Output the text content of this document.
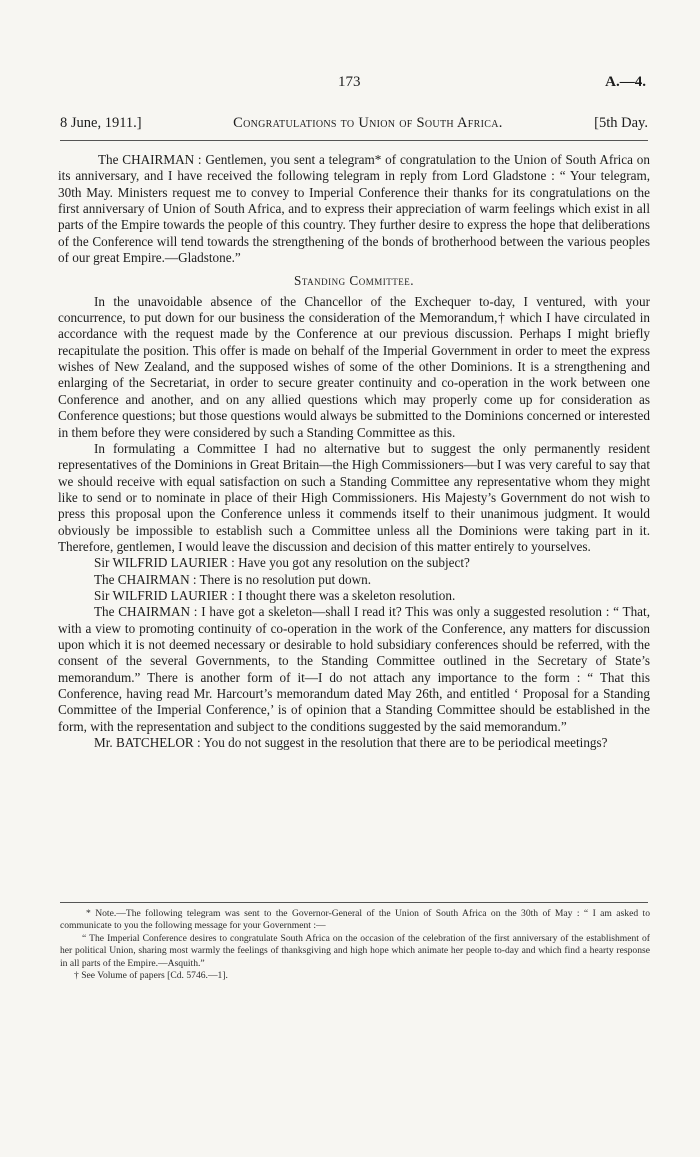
173	A.—4.
8 June, 1911.]	Congratulations to Union of South Africa.	[5th Day.

The CHAIRMAN : Gentlemen, you sent a telegram* of congratulation to the Union of South Africa on its anniversary, and I have received the following telegram in reply from Lord Gladstone : “ Your telegram, 30th May. Ministers request me to convey to Imperial Conference their thanks for its congratulations on the first anniversary of Union of South Africa, and to express their appreciation of warm feelings which exist in all parts of the Empire towards the people of this country. They further desire to express the hope that deliberations of the Conference will tend towards the strengthening of the bonds of brotherhood between the various peoples of our great Empire.—Gladstone.”

Standing Committee.

In the unavoidable absence of the Chancellor of the Exchequer to-day, I ventured, with your concurrence, to put down for our business the consideration of the Memorandum,† which I have circulated in accordance with the request made by the Conference at our previous discussion. Perhaps I might briefly recapitulate the position. This offer is made on behalf of the Imperial Government in order to meet the express wishes of New Zealand, and the supposed wishes of some of the other Dominions. It is a strengthening and enlarging of the Secretariat, in order to secure greater continuity and co-operation in the work between one Conference and another, and on any allied questions which may properly come up for consideration as Conference questions; but those questions would always be submitted to the Dominions concerned or interested in them before they were considered by such a Standing Committee as this.

In formulating a Committee I had no alternative but to suggest the only permanently resident representatives of the Dominions in Great Britain—the High Commissioners—but I was very careful to say that we should receive with equal satisfaction on such a Standing Committee any representative whom they might like to send or to nominate in place of their High Commissioners. His Majesty’s Government do not wish to press this proposal upon the Conference unless it commends itself to their unanimous judgment. It would obviously be impossible to establish such a Committee unless all the Dominions were taking part in it. Therefore, gentlemen, I would leave the discussion and decision of this matter entirely to yourselves.

Sir WILFRID LAURIER : Have you got any resolution on the subject?

The CHAIRMAN : There is no resolution put down.

Sir WILFRID LAURIER : I thought there was a skeleton resolution.

The CHAIRMAN : I have got a skeleton—shall I read it? This was only a suggested resolution : “ That, with a view to promoting continuity of co-operation in the work of the Conference, any matters for discussion upon which it is not deemed necessary or desirable to hold subsidiary conferences should be referred, with the consent of the several Governments, to the Standing Committee outlined in the Secretary of State’s memorandum.” There is another form of it—I do not attach any importance to the form : “ That this Conference, having read Mr. Harcourt’s memorandum dated May 26th, and entitled ‘ Proposal for a Standing Committee of the Imperial Conference,’ is of opinion that a Standing Committee should be established in the form, with the representation and subject to the conditions suggested by the said memorandum.”

Mr. BATCHELOR : You do not suggest in the resolution that there are to be periodical meetings?

* Note.—The following telegram was sent to the Governor-General of the Union of South Africa on the 30th of May : “ I am asked to communicate to you the following message for your Government :—

“ The Imperial Conference desires to congratulate South Africa on the occasion of the celebration of the first anniversary of the establishment of her political Union, sharing most warmly the feelings of thanksgiving and high hope which animate her people to-day and which find a hearty response in all parts of the Empire.—Asquith.”

† See Volume of papers [Cd. 5746.—1].
